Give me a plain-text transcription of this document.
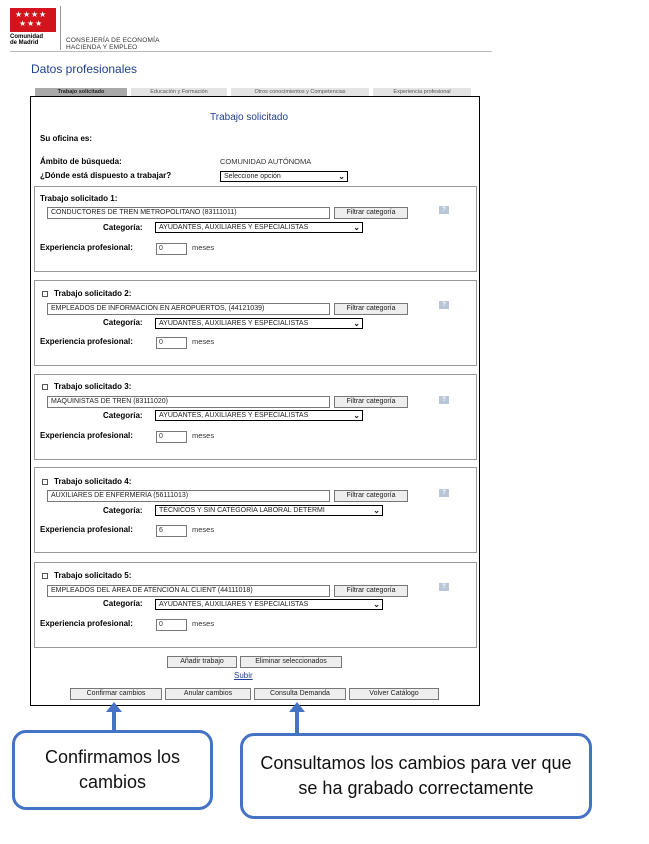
★ ★ ★ ★
★ ★ ★
Comunidad
de Madrid	CONSEJERÍA DE ECONOMÍA
HACIENDA Y EMPLEO
Datos profesionales
Trabajo solicitado	Educación y Formación	Otros conocimientos y Competencias	Experiencia profesional
Trabajo solicitado
Su oficina es:
Ámbito de búsqueda:	COMUNIDAD AUTÓNOMA
¿Dónde está dispuesto a trabajar?	Seleccione opción	⌄
Trabajo solicitado 1:
CONDUCTORES DE TREN METROPOLITANO (83111011)	Filtrar categoría	?
Categoría:	AYUDANTES, AUXILIARES Y ESPECIALISTAS	⌄
Experiencia profesional:	0	meses
Trabajo solicitado 2:
EMPLEADOS DE INFORMACIÓN EN AEROPUERTOS, (44121039)	Filtrar categoría	?
Categoría:	AYUDANTES, AUXILIARES Y ESPECIALISTAS	⌄
Experiencia profesional:	0	meses
Trabajo solicitado 3:
MAQUINISTAS DE TREN (83111020)	Filtrar categoría	?
Categoría:	AYUDANTES, AUXILIARES Y ESPECIALISTAS	⌄
Experiencia profesional:	0	meses
Trabajo solicitado 4:
AUXILIARES DE ENFERMERÍA (56111013)	Filtrar categoría	?
Categoría:	TÉCNICOS Y SIN CATEGORÍA LABORAL DETERMI	⌄
Experiencia profesional:	6	meses
Trabajo solicitado 5:
EMPLEADOS DEL ÁREA DE ATENCIÓN AL CLIENT (44111018)	Filtrar categoría	?
Categoría:	AYUDANTES, AUXILIARES Y ESPECIALISTAS	⌄
Experiencia profesional:	0	meses
Añadir trabajo	Eliminar seleccionados
Subir
Confirmar cambios	Anular cambios	Consulta Demanda	Volver Catálogo
Confirmamos los cambios
Consultamos los cambios para ver que se ha grabado correctamente
